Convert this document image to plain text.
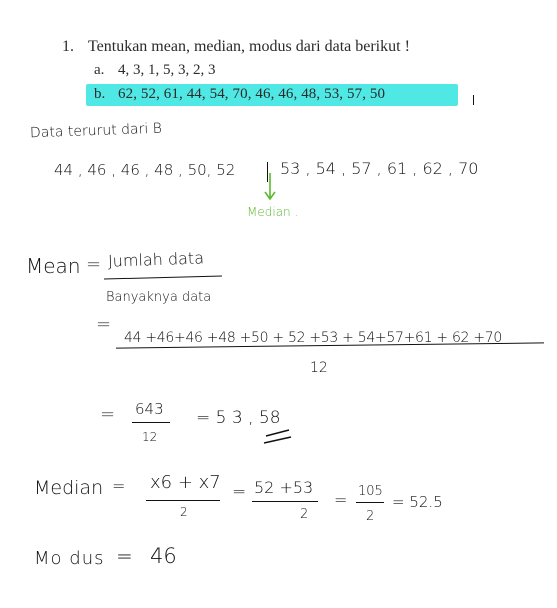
1. Tentukan mean, median, modus dari data berikut !
a. 4, 3, 1, 5, 3, 2, 3
b. 62, 52, 61, 44, 54, 70, 46, 46, 48, 53, 57, 50
Data terurut dari B
44 , 46 , 46 , 48 , 50, 52	53 , 54 , 57 , 61 , 62 , 70
Median .
Mean = Jumlah data
Banyaknya data
=
44 +46+46 +48 +50 + 52 +53 + 54+57+61 + 62 +70
12
= 643
12
= 5 3 , 58
Median = x6 + x7
2
= 52 +53
2
= 105
2
= 52.5
Mo dus = 46
